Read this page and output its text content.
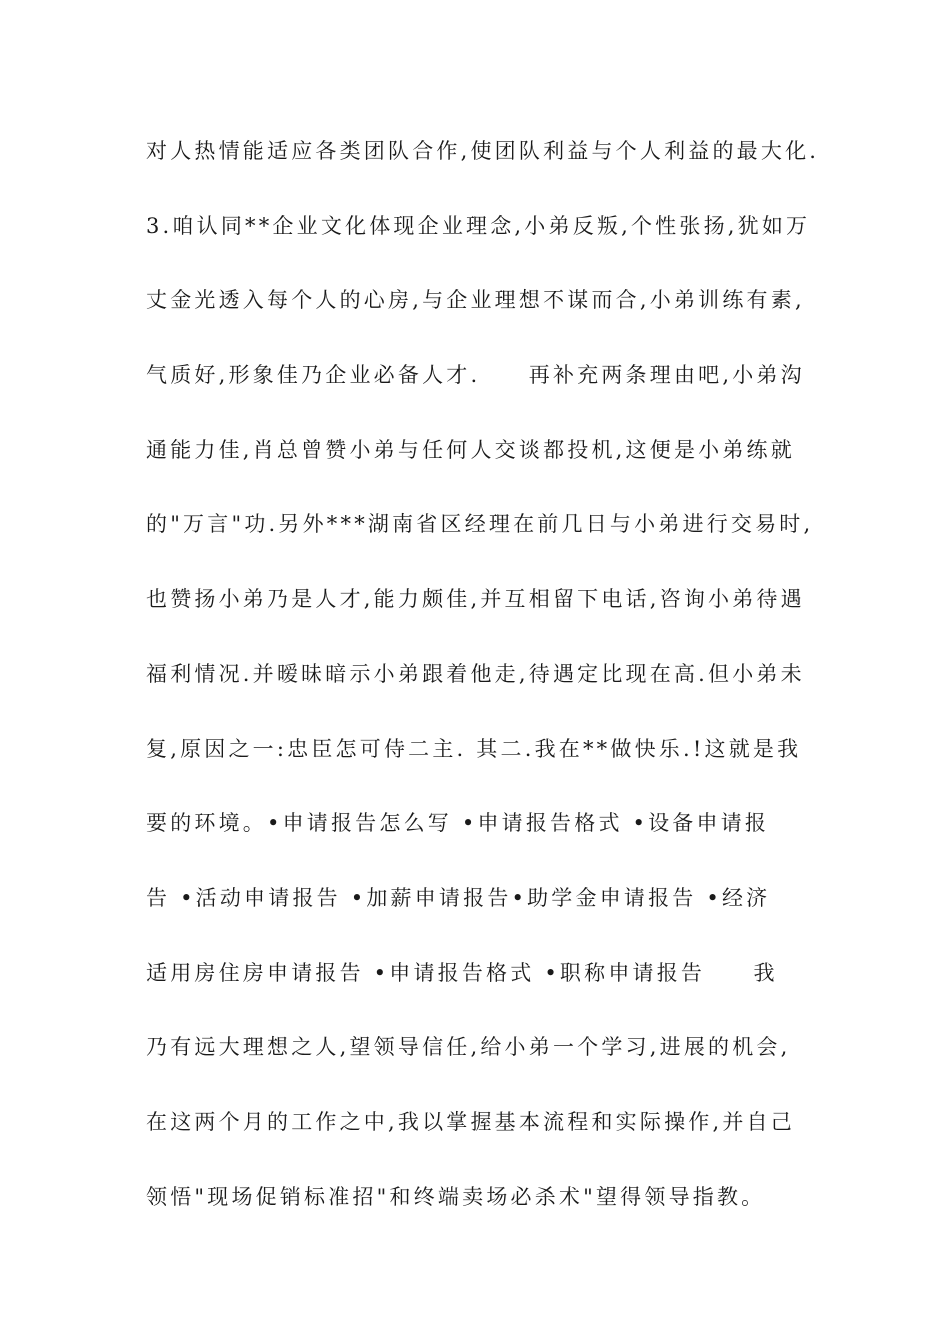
对人热情能适应各类团队合作,使团队利益与个人利益的最大化.
3.咱认同**企业文化体现企业理念,小弟反叛,个性张扬,犹如万
丈金光透入每个人的心房,与企业理想不谋而合,小弟训练有素,
气质好,形象佳乃企业必备人才.　　再补充两条理由吧,小弟沟
通能力佳,肖总曾赞小弟与任何人交谈都投机,这便是小弟练就
的"万言"功.另外***湖南省区经理在前几日与小弟进行交易时,
也赞扬小弟乃是人才,能力颇佳,并互相留下电话,咨询小弟待遇
福利情况.并暧昧暗示小弟跟着他走,待遇定比现在高.但小弟未
复,原因之一:忠臣怎可侍二主. 其二.我在**做快乐.!这就是我
要的环境。•申请报告怎么写 •申请报告格式 •设备申请报
告 •活动申请报告 •加薪申请报告•助学金申请报告 •经济
适用房住房申请报告 •申请报告格式 •职称申请报告　　我
乃有远大理想之人,望领导信任,给小弟一个学习,进展的机会,
在这两个月的工作之中,我以掌握基本流程和实际操作,并自己
领悟"现场促销标准招"和终端卖场必杀术"望得领导指教。
